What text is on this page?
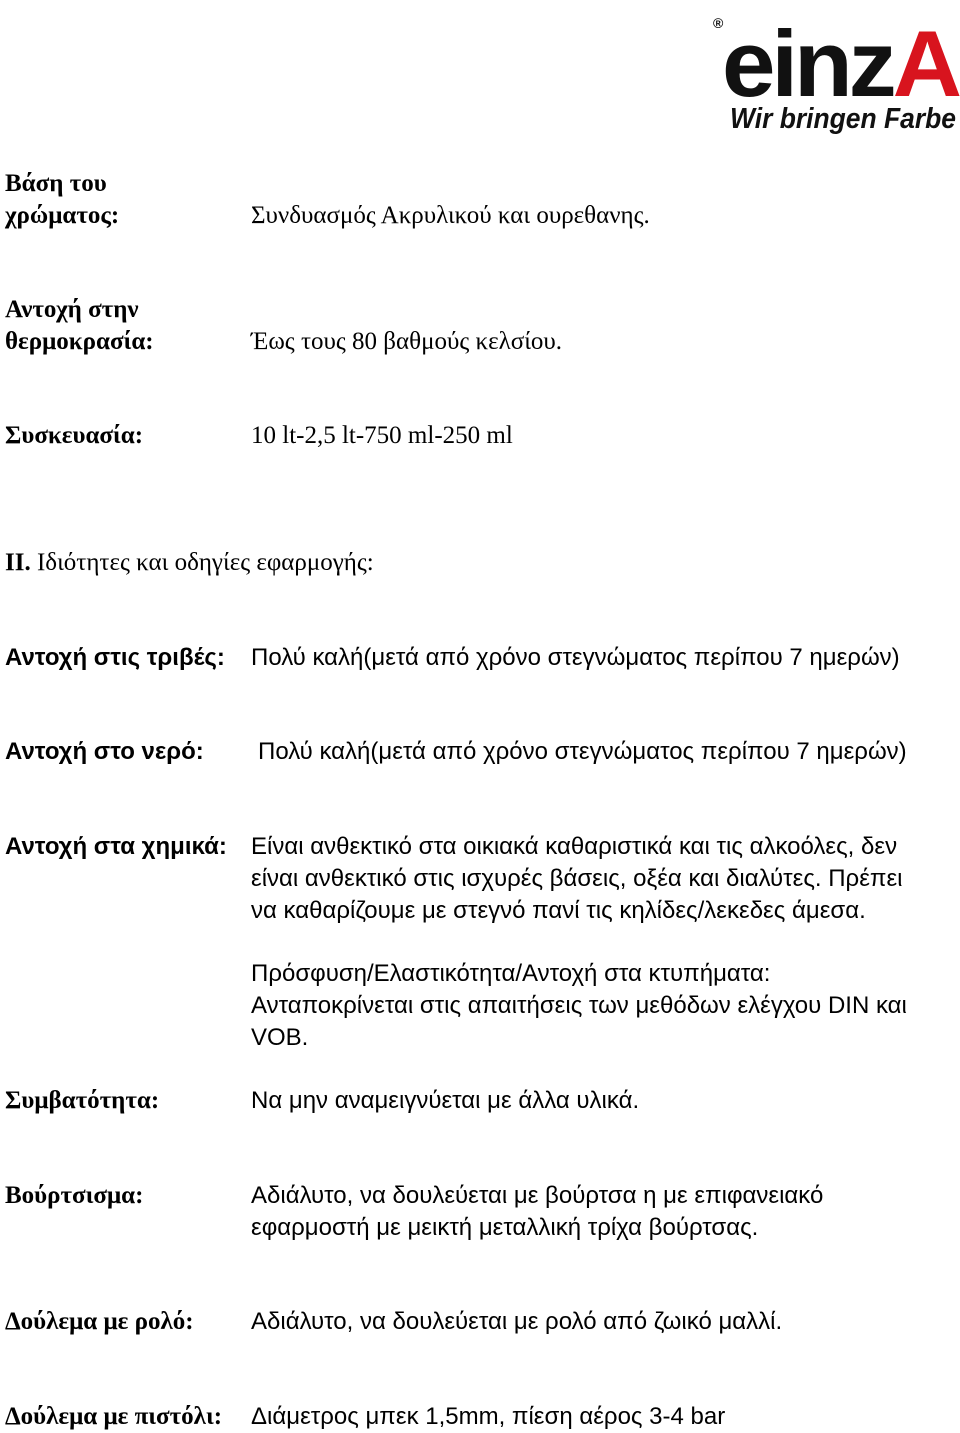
®
einzA
Wir bringen Farbe
Βάση του
χρώματος:	Συνδυασμός Ακρυλικού και ουρεθανης.
Αντοχή στην
θερμοκρασία:	Έως τους 80 βαθμούς κελσίου.
Συσκευασία:	10 lt-2,5 lt-750 ml-250 ml
ΙΙ. Ιδιότητες και οδηγίες εφαρμογής:
Αντοχή στις τριβές: Πολύ καλή(μετά από χρόνο στεγνώματος περίπου 7 ημερών)
Αντοχή στο νερό: Πολύ καλή(μετά από χρόνο στεγνώματος περίπου 7 ημερών)
Αντοχή στα χημικά: Είναι ανθεκτικό στα οικιακά καθαριστικά και τις αλκοόλες, δεν
είναι ανθεκτικό στις ισχυρές βάσεις, οξέα και διαλύτες. Πρέπει
να καθαρίζουμε με στεγνό πανί τις κηλίδες/λεκεδες άμεσα.
Πρόσφυση/Ελαστικότητα/Αντοχή στα κτυπήματα:
Ανταποκρίνεται στις απαιτήσεις των μεθόδων ελέγχου DIN και
VOB.
Συμβατότητα:	Να μην αναμειγνύεται με άλλα υλικά.
Βούρτσισμα:	Αδιάλυτο, να δουλεύεται με βούρτσα η με επιφανειακό
εφαρμοστή με μεικτή μεταλλική τρίχα βούρτσας.
Δούλεμα με ρολό: Αδιάλυτο, να δουλεύεται με ρολό από ζωικό μαλλί.
Δούλεμα με πιστόλι: Διάμετρος μπεκ 1,5mm, πίεση αέρος 3-4 bar
